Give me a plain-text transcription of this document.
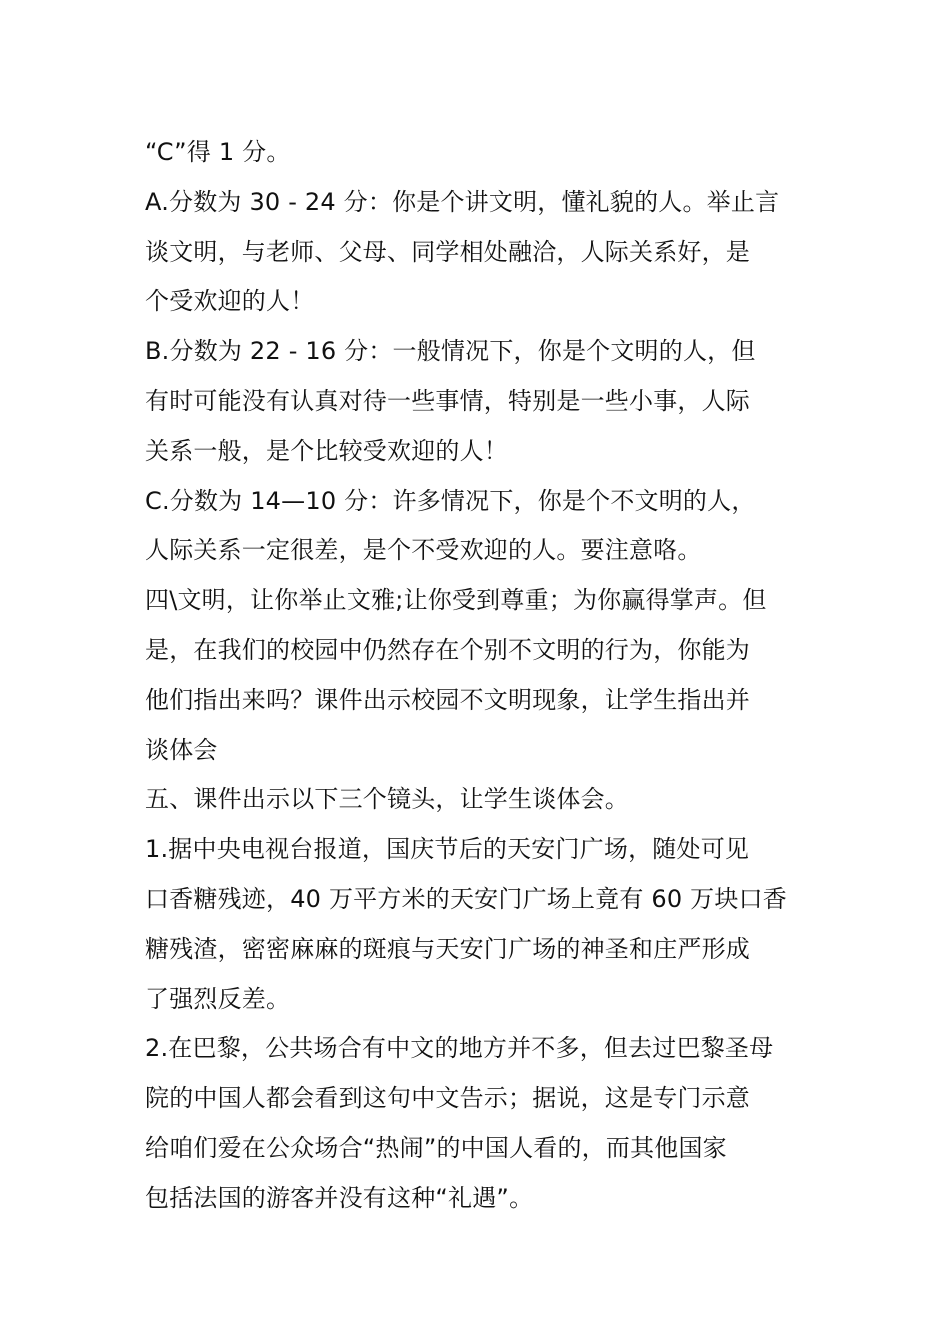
“C”得 1 分。
A.分数为 30 - 24 分：你是个讲文明，懂礼貌的人。举止言
谈文明，与老师、父母、同学相处融洽，人际关系好，是
个受欢迎的人！
B.分数为 22 - 16 分：一般情况下，你是个文明的人，但
有时可能没有认真对待一些事情，特别是一些小事，人际
关系一般，是个比较受欢迎的人！
C.分数为 14—10 分：许多情况下，你是个不文明的人，
人际关系一定很差，是个不受欢迎的人。要注意咯。
四\文明，让你举止文雅;让你受到尊重；为你赢得掌声。但
是，在我们的校园中仍然存在个别不文明的行为，你能为
他们指出来吗？课件出示校园不文明现象，让学生指出并
谈体会
五、课件出示以下三个镜头，让学生谈体会。
1.据中央电视台报道，国庆节后的天安门广场，随处可见
口香糖残迹，40 万平方米的天安门广场上竟有 60 万块口香
糖残渣，密密麻麻的斑痕与天安门广场的神圣和庄严形成
了强烈反差。
2.在巴黎，公共场合有中文的地方并不多，但去过巴黎圣母
院的中国人都会看到这句中文告示；据说，这是专门示意
给咱们爱在公众场合“热闹”的中国人看的，而其他国家
包括法国的游客并没有这种“礼遇”。
